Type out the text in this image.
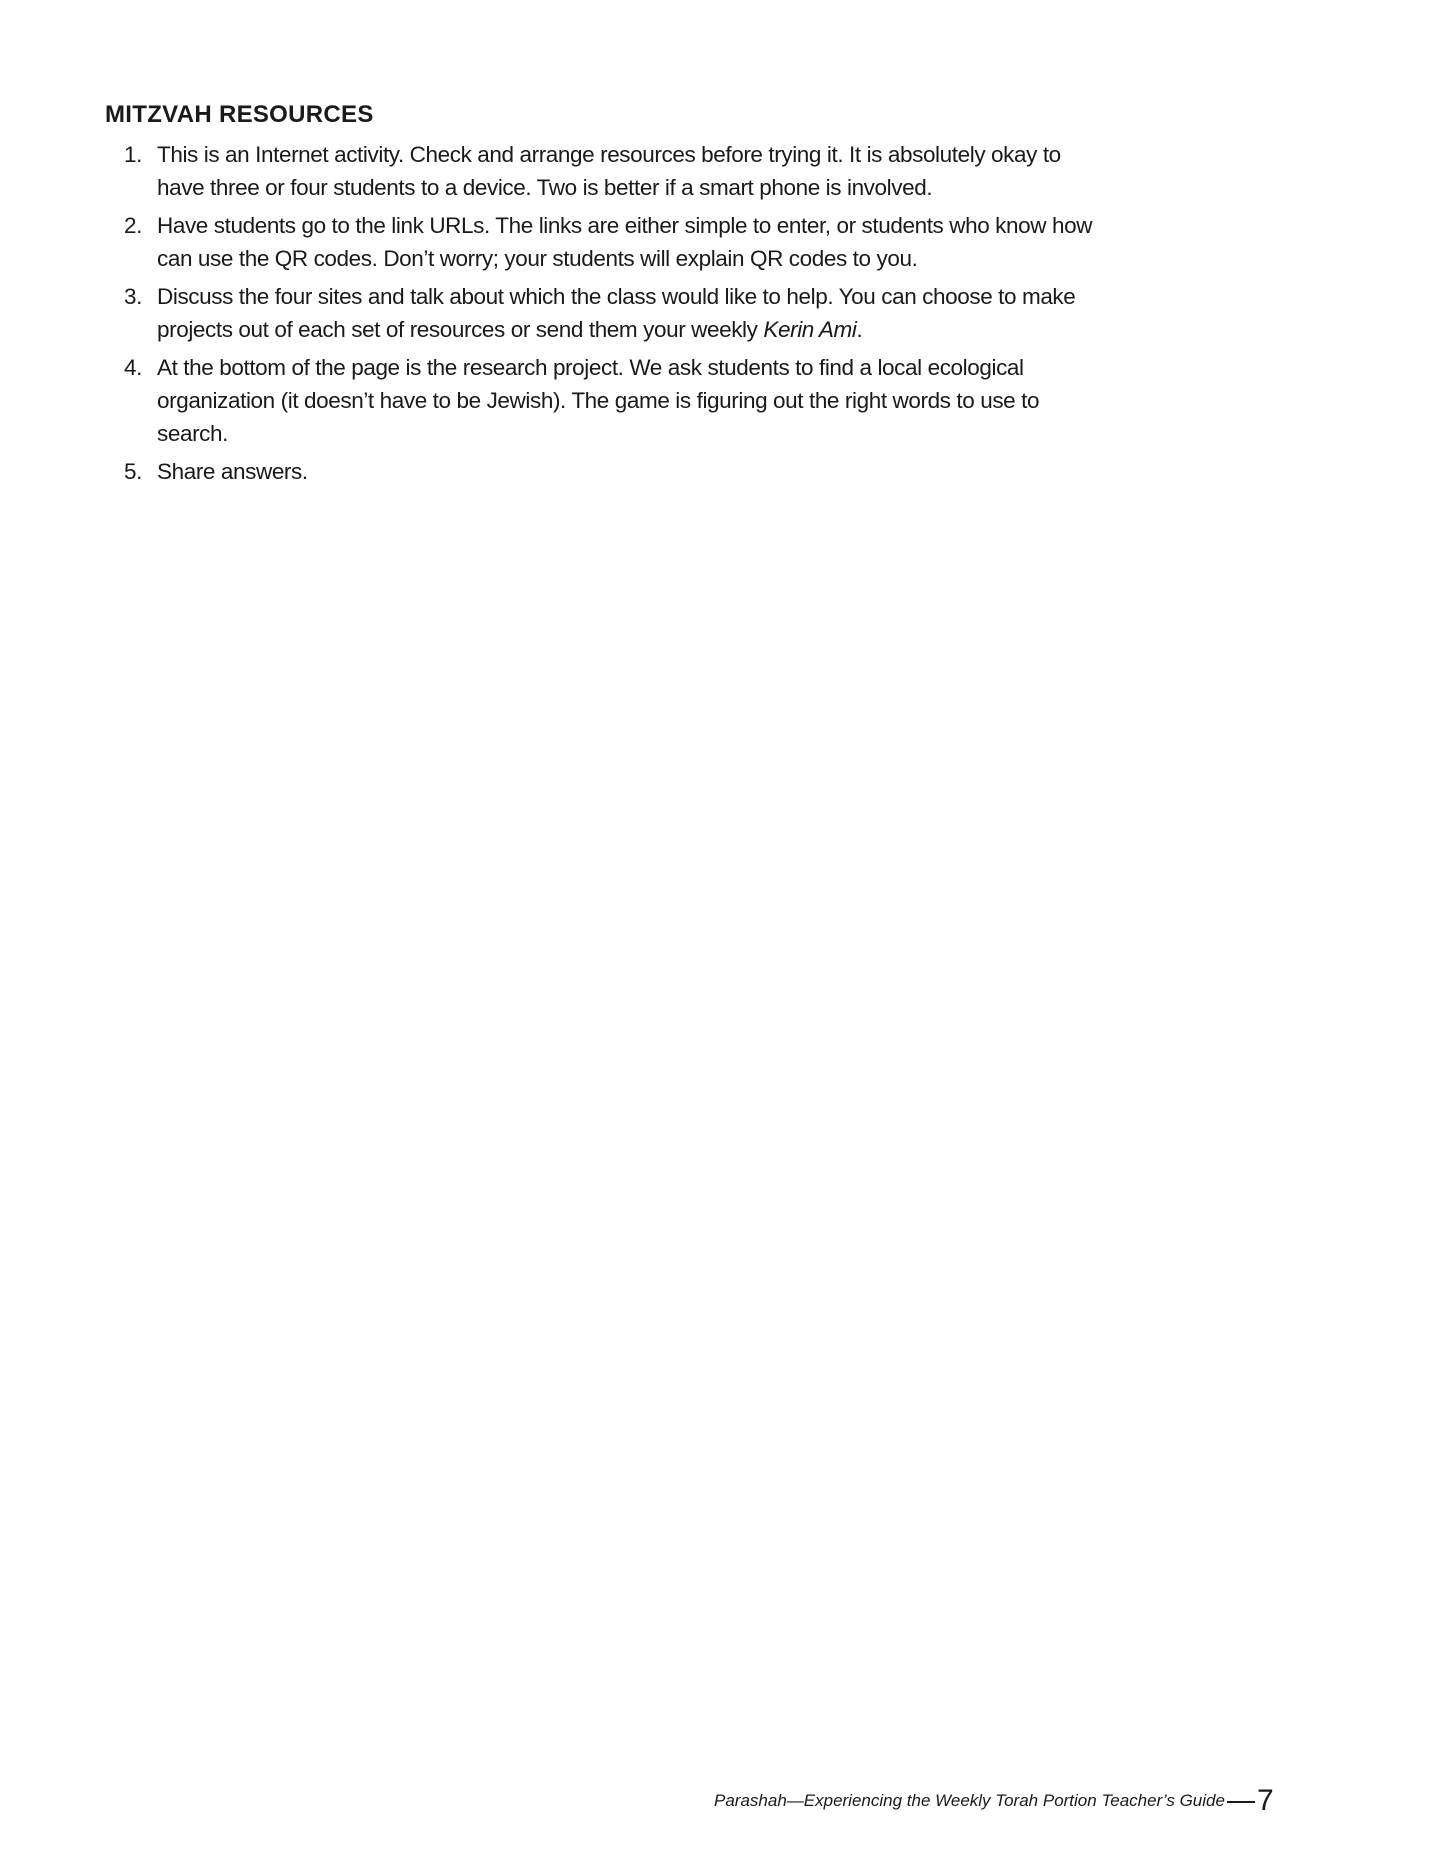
MITZVAH RESOURCES
1. This is an Internet activity. Check and arrange resources before trying it. It is absolutely okay to have three or four students to a device. Two is better if a smart phone is involved.
2. Have students go to the link URLs. The links are either simple to enter, or students who know how can use the QR codes. Don’t worry; your students will explain QR codes to you.
3. Discuss the four sites and talk about which the class would like to help. You can choose to make projects out of each set of resources or send them your weekly Kerin Ami.
4. At the bottom of the page is the research project. We ask students to find a local ecological organization (it doesn’t have to be Jewish). The game is figuring out the right words to use to search.
5. Share answers.
Parashah—Experiencing the Weekly Torah Portion Teacher’s Guide 7
